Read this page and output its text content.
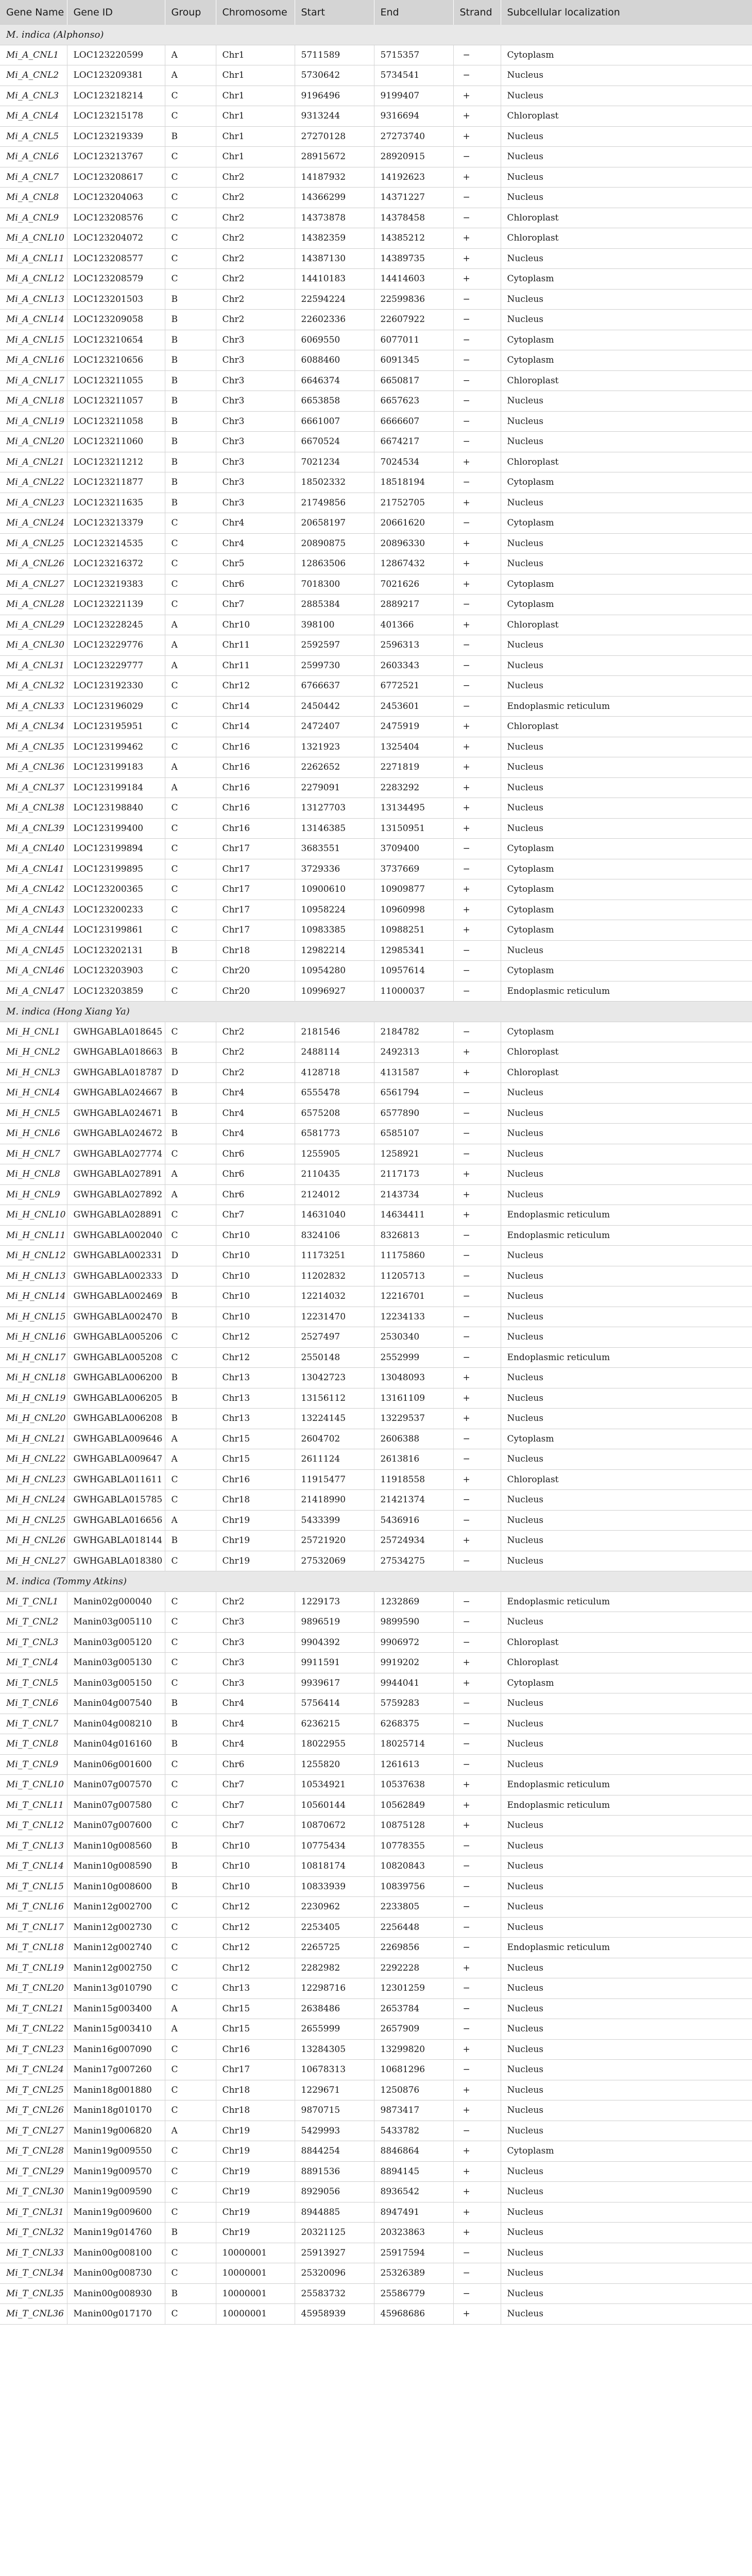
Gene Name	Gene ID	Group	Chromosome	Start	End	Strand	Subcellular localization
M. indica (Alphonso)							
Mi_A_CNL1	LOC123220599	A	Chr1	5711589	5715357	−	Cytoplasm
Mi_A_CNL2	LOC123209381	A	Chr1	5730642	5734541	−	Nucleus
Mi_A_CNL3	LOC123218214	C	Chr1	9196496	9199407	+	Nucleus
Mi_A_CNL4	LOC123215178	C	Chr1	9313244	9316694	+	Chloroplast
Mi_A_CNL5	LOC123219339	B	Chr1	27270128	27273740	+	Nucleus
Mi_A_CNL6	LOC123213767	C	Chr1	28915672	28920915	−	Nucleus
Mi_A_CNL7	LOC123208617	C	Chr2	14187932	14192623	+	Nucleus
Mi_A_CNL8	LOC123204063	C	Chr2	14366299	14371227	−	Nucleus
Mi_A_CNL9	LOC123208576	C	Chr2	14373878	14378458	−	Chloroplast
Mi_A_CNL10	LOC123204072	C	Chr2	14382359	14385212	+	Chloroplast
Mi_A_CNL11	LOC123208577	C	Chr2	14387130	14389735	+	Nucleus
Mi_A_CNL12	LOC123208579	C	Chr2	14410183	14414603	+	Cytoplasm
Mi_A_CNL13	LOC123201503	B	Chr2	22594224	22599836	−	Nucleus
Mi_A_CNL14	LOC123209058	B	Chr2	22602336	22607922	−	Nucleus
Mi_A_CNL15	LOC123210654	B	Chr3	6069550	6077011	−	Cytoplasm
Mi_A_CNL16	LOC123210656	B	Chr3	6088460	6091345	−	Cytoplasm
Mi_A_CNL17	LOC123211055	B	Chr3	6646374	6650817	−	Chloroplast
Mi_A_CNL18	LOC123211057	B	Chr3	6653858	6657623	−	Nucleus
Mi_A_CNL19	LOC123211058	B	Chr3	6661007	6666607	−	Nucleus
Mi_A_CNL20	LOC123211060	B	Chr3	6670524	6674217	−	Nucleus
Mi_A_CNL21	LOC123211212	B	Chr3	7021234	7024534	+	Chloroplast
Mi_A_CNL22	LOC123211877	B	Chr3	18502332	18518194	−	Cytoplasm
Mi_A_CNL23	LOC123211635	B	Chr3	21749856	21752705	+	Nucleus
Mi_A_CNL24	LOC123213379	C	Chr4	20658197	20661620	−	Cytoplasm
Mi_A_CNL25	LOC123214535	C	Chr4	20890875	20896330	+	Nucleus
Mi_A_CNL26	LOC123216372	C	Chr5	12863506	12867432	+	Nucleus
Mi_A_CNL27	LOC123219383	C	Chr6	7018300	7021626	+	Cytoplasm
Mi_A_CNL28	LOC123221139	C	Chr7	2885384	2889217	−	Cytoplasm
Mi_A_CNL29	LOC123228245	A	Chr10	398100	401366	+	Chloroplast
Mi_A_CNL30	LOC123229776	A	Chr11	2592597	2596313	−	Nucleus
Mi_A_CNL31	LOC123229777	A	Chr11	2599730	2603343	−	Nucleus
Mi_A_CNL32	LOC123192330	C	Chr12	6766637	6772521	−	Nucleus
Mi_A_CNL33	LOC123196029	C	Chr14	2450442	2453601	−	Endoplasmic reticulum
Mi_A_CNL34	LOC123195951	C	Chr14	2472407	2475919	+	Chloroplast
Mi_A_CNL35	LOC123199462	C	Chr16	1321923	1325404	+	Nucleus
Mi_A_CNL36	LOC123199183	A	Chr16	2262652	2271819	+	Nucleus
Mi_A_CNL37	LOC123199184	A	Chr16	2279091	2283292	+	Nucleus
Mi_A_CNL38	LOC123198840	C	Chr16	13127703	13134495	+	Nucleus
Mi_A_CNL39	LOC123199400	C	Chr16	13146385	13150951	+	Nucleus
Mi_A_CNL40	LOC123199894	C	Chr17	3683551	3709400	−	Cytoplasm
Mi_A_CNL41	LOC123199895	C	Chr17	3729336	3737669	−	Cytoplasm
Mi_A_CNL42	LOC123200365	C	Chr17	10900610	10909877	+	Cytoplasm
Mi_A_CNL43	LOC123200233	C	Chr17	10958224	10960998	+	Cytoplasm
Mi_A_CNL44	LOC123199861	C	Chr17	10983385	10988251	+	Cytoplasm
Mi_A_CNL45	LOC123202131	B	Chr18	12982214	12985341	−	Nucleus
Mi_A_CNL46	LOC123203903	C	Chr20	10954280	10957614	−	Cytoplasm
Mi_A_CNL47	LOC123203859	C	Chr20	10996927	11000037	−	Endoplasmic reticulum
M. indica (Hong Xiang Ya)							
Mi_H_CNL1	GWHGABLA018645	C	Chr2	2181546	2184782	−	Cytoplasm
Mi_H_CNL2	GWHGABLA018663	B	Chr2	2488114	2492313	+	Chloroplast
Mi_H_CNL3	GWHGABLA018787	D	Chr2	4128718	4131587	+	Chloroplast
Mi_H_CNL4	GWHGABLA024667	B	Chr4	6555478	6561794	−	Nucleus
Mi_H_CNL5	GWHGABLA024671	B	Chr4	6575208	6577890	−	Nucleus
Mi_H_CNL6	GWHGABLA024672	B	Chr4	6581773	6585107	−	Nucleus
Mi_H_CNL7	GWHGABLA027774	C	Chr6	1255905	1258921	−	Nucleus
Mi_H_CNL8	GWHGABLA027891	A	Chr6	2110435	2117173	+	Nucleus
Mi_H_CNL9	GWHGABLA027892	A	Chr6	2124012	2143734	+	Nucleus
Mi_H_CNL10	GWHGABLA028891	C	Chr7	14631040	14634411	+	Endoplasmic reticulum
Mi_H_CNL11	GWHGABLA002040	C	Chr10	8324106	8326813	−	Endoplasmic reticulum
Mi_H_CNL12	GWHGABLA002331	D	Chr10	11173251	11175860	−	Nucleus
Mi_H_CNL13	GWHGABLA002333	D	Chr10	11202832	11205713	−	Nucleus
Mi_H_CNL14	GWHGABLA002469	B	Chr10	12214032	12216701	−	Nucleus
Mi_H_CNL15	GWHGABLA002470	B	Chr10	12231470	12234133	−	Nucleus
Mi_H_CNL16	GWHGABLA005206	C	Chr12	2527497	2530340	−	Nucleus
Mi_H_CNL17	GWHGABLA005208	C	Chr12	2550148	2552999	−	Endoplasmic reticulum
Mi_H_CNL18	GWHGABLA006200	B	Chr13	13042723	13048093	+	Nucleus
Mi_H_CNL19	GWHGABLA006205	B	Chr13	13156112	13161109	+	Nucleus
Mi_H_CNL20	GWHGABLA006208	B	Chr13	13224145	13229537	+	Nucleus
Mi_H_CNL21	GWHGABLA009646	A	Chr15	2604702	2606388	−	Cytoplasm
Mi_H_CNL22	GWHGABLA009647	A	Chr15	2611124	2613816	−	Nucleus
Mi_H_CNL23	GWHGABLA011611	C	Chr16	11915477	11918558	+	Chloroplast
Mi_H_CNL24	GWHGABLA015785	C	Chr18	21418990	21421374	−	Nucleus
Mi_H_CNL25	GWHGABLA016656	A	Chr19	5433399	5436916	−	Nucleus
Mi_H_CNL26	GWHGABLA018144	B	Chr19	25721920	25724934	+	Nucleus
Mi_H_CNL27	GWHGABLA018380	C	Chr19	27532069	27534275	−	Nucleus
M. indica (Tommy Atkins)							
Mi_T_CNL1	Manin02g000040	C	Chr2	1229173	1232869	−	Endoplasmic reticulum
Mi_T_CNL2	Manin03g005110	C	Chr3	9896519	9899590	−	Nucleus
Mi_T_CNL3	Manin03g005120	C	Chr3	9904392	9906972	−	Chloroplast
Mi_T_CNL4	Manin03g005130	C	Chr3	9911591	9919202	+	Chloroplast
Mi_T_CNL5	Manin03g005150	C	Chr3	9939617	9944041	+	Cytoplasm
Mi_T_CNL6	Manin04g007540	B	Chr4	5756414	5759283	−	Nucleus
Mi_T_CNL7	Manin04g008210	B	Chr4	6236215	6268375	−	Nucleus
Mi_T_CNL8	Manin04g016160	B	Chr4	18022955	18025714	−	Nucleus
Mi_T_CNL9	Manin06g001600	C	Chr6	1255820	1261613	−	Nucleus
Mi_T_CNL10	Manin07g007570	C	Chr7	10534921	10537638	+	Endoplasmic reticulum
Mi_T_CNL11	Manin07g007580	C	Chr7	10560144	10562849	+	Endoplasmic reticulum
Mi_T_CNL12	Manin07g007600	C	Chr7	10870672	10875128	+	Nucleus
Mi_T_CNL13	Manin10g008560	B	Chr10	10775434	10778355	−	Nucleus
Mi_T_CNL14	Manin10g008590	B	Chr10	10818174	10820843	−	Nucleus
Mi_T_CNL15	Manin10g008600	B	Chr10	10833939	10839756	−	Nucleus
Mi_T_CNL16	Manin12g002700	C	Chr12	2230962	2233805	−	Nucleus
Mi_T_CNL17	Manin12g002730	C	Chr12	2253405	2256448	−	Nucleus
Mi_T_CNL18	Manin12g002740	C	Chr12	2265725	2269856	−	Endoplasmic reticulum
Mi_T_CNL19	Manin12g002750	C	Chr12	2282982	2292228	+	Nucleus
Mi_T_CNL20	Manin13g010790	C	Chr13	12298716	12301259	−	Nucleus
Mi_T_CNL21	Manin15g003400	A	Chr15	2638486	2653784	−	Nucleus
Mi_T_CNL22	Manin15g003410	A	Chr15	2655999	2657909	−	Nucleus
Mi_T_CNL23	Manin16g007090	C	Chr16	13284305	13299820	+	Nucleus
Mi_T_CNL24	Manin17g007260	C	Chr17	10678313	10681296	−	Nucleus
Mi_T_CNL25	Manin18g001880	C	Chr18	1229671	1250876	+	Nucleus
Mi_T_CNL26	Manin18g010170	C	Chr18	9870715	9873417	+	Nucleus
Mi_T_CNL27	Manin19g006820	A	Chr19	5429993	5433782	−	Nucleus
Mi_T_CNL28	Manin19g009550	C	Chr19	8844254	8846864	+	Cytoplasm
Mi_T_CNL29	Manin19g009570	C	Chr19	8891536	8894145	+	Nucleus
Mi_T_CNL30	Manin19g009590	C	Chr19	8929056	8936542	+	Nucleus
Mi_T_CNL31	Manin19g009600	C	Chr19	8944885	8947491	+	Nucleus
Mi_T_CNL32	Manin19g014760	B	Chr19	20321125	20323863	+	Nucleus
Mi_T_CNL33	Manin00g008100	C	10000001	25913927	25917594	−	Nucleus
Mi_T_CNL34	Manin00g008730	C	10000001	25320096	25326389	−	Nucleus
Mi_T_CNL35	Manin00g008930	B	10000001	25583732	25586779	−	Nucleus
Mi_T_CNL36	Manin00g017170	C	10000001	45958939	45968686	+	Nucleus
